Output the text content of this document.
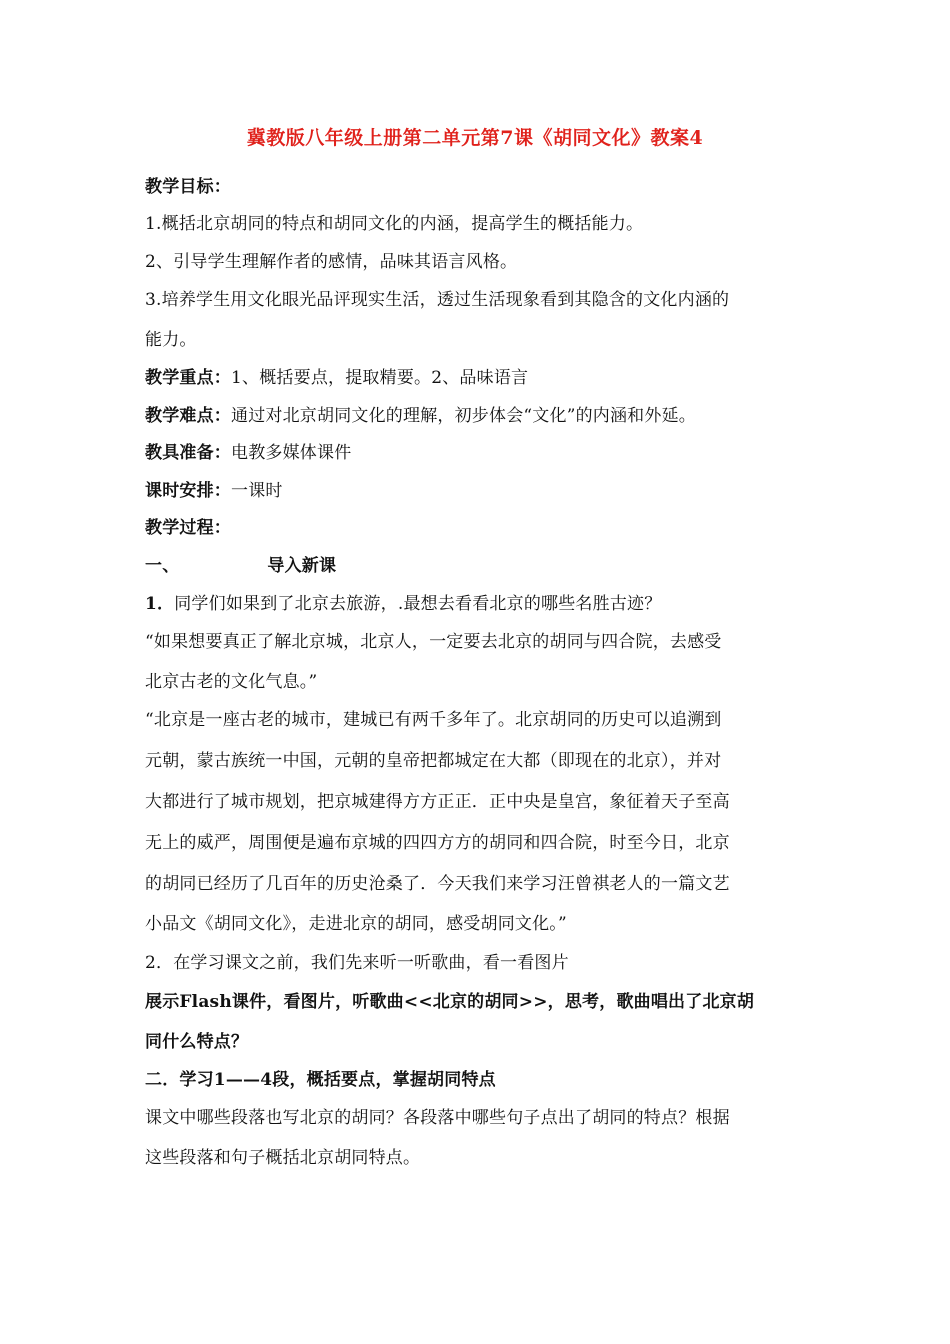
冀教版八年级上册第二单元第7课《胡同文化》教案4
教学目标：
1.概括北京胡同的特点和胡同文化的内涵，提高学生的概括能力。
2、引导学生理解作者的感情，品味其语言风格。
3.培养学生用文化眼光品评现实生活，透过生活现象看到其隐含的文化内涵的
能力。
教学重点：1、概括要点，提取精要。2、品味语言
教学难点：通过对北京胡同文化的理解，初步体会“文化”的内涵和外延。
教具准备：电教多媒体课件
课时安排：一课时
教学过程：
一、	导入新课
1．同学们如果到了北京去旅游，.最想去看看北京的哪些名胜古迹？
“如果想要真正了解北京城，北京人，一定要去北京的胡同与四合院，去感受
北京古老的文化气息。”
“北京是一座古老的城市，建城已有两千多年了。北京胡同的历史可以追溯到
元朝，蒙古族统一中国，元朝的皇帝把都城定在大都（即现在的北京），并对
大都进行了城市规划，把京城建得方方正正．正中央是皇宫，象征着天子至高
无上的威严，周围便是遍布京城的四四方方的胡同和四合院，时至今日，北京
的胡同已经历了几百年的历史沧桑了．今天我们来学习汪曾祺老人的一篇文艺
小品文《胡同文化》，走进北京的胡同，感受胡同文化。”
2．在学习课文之前，我们先来听一听歌曲，看一看图片
展示Flash课件，看图片，听歌曲<<北京的胡同>>，思考，歌曲唱出了北京胡
同什么特点？
二．学习1——4段，概括要点，掌握胡同特点
课文中哪些段落也写北京的胡同？各段落中哪些句子点出了胡同的特点？根据
这些段落和句子概括北京胡同特点。
